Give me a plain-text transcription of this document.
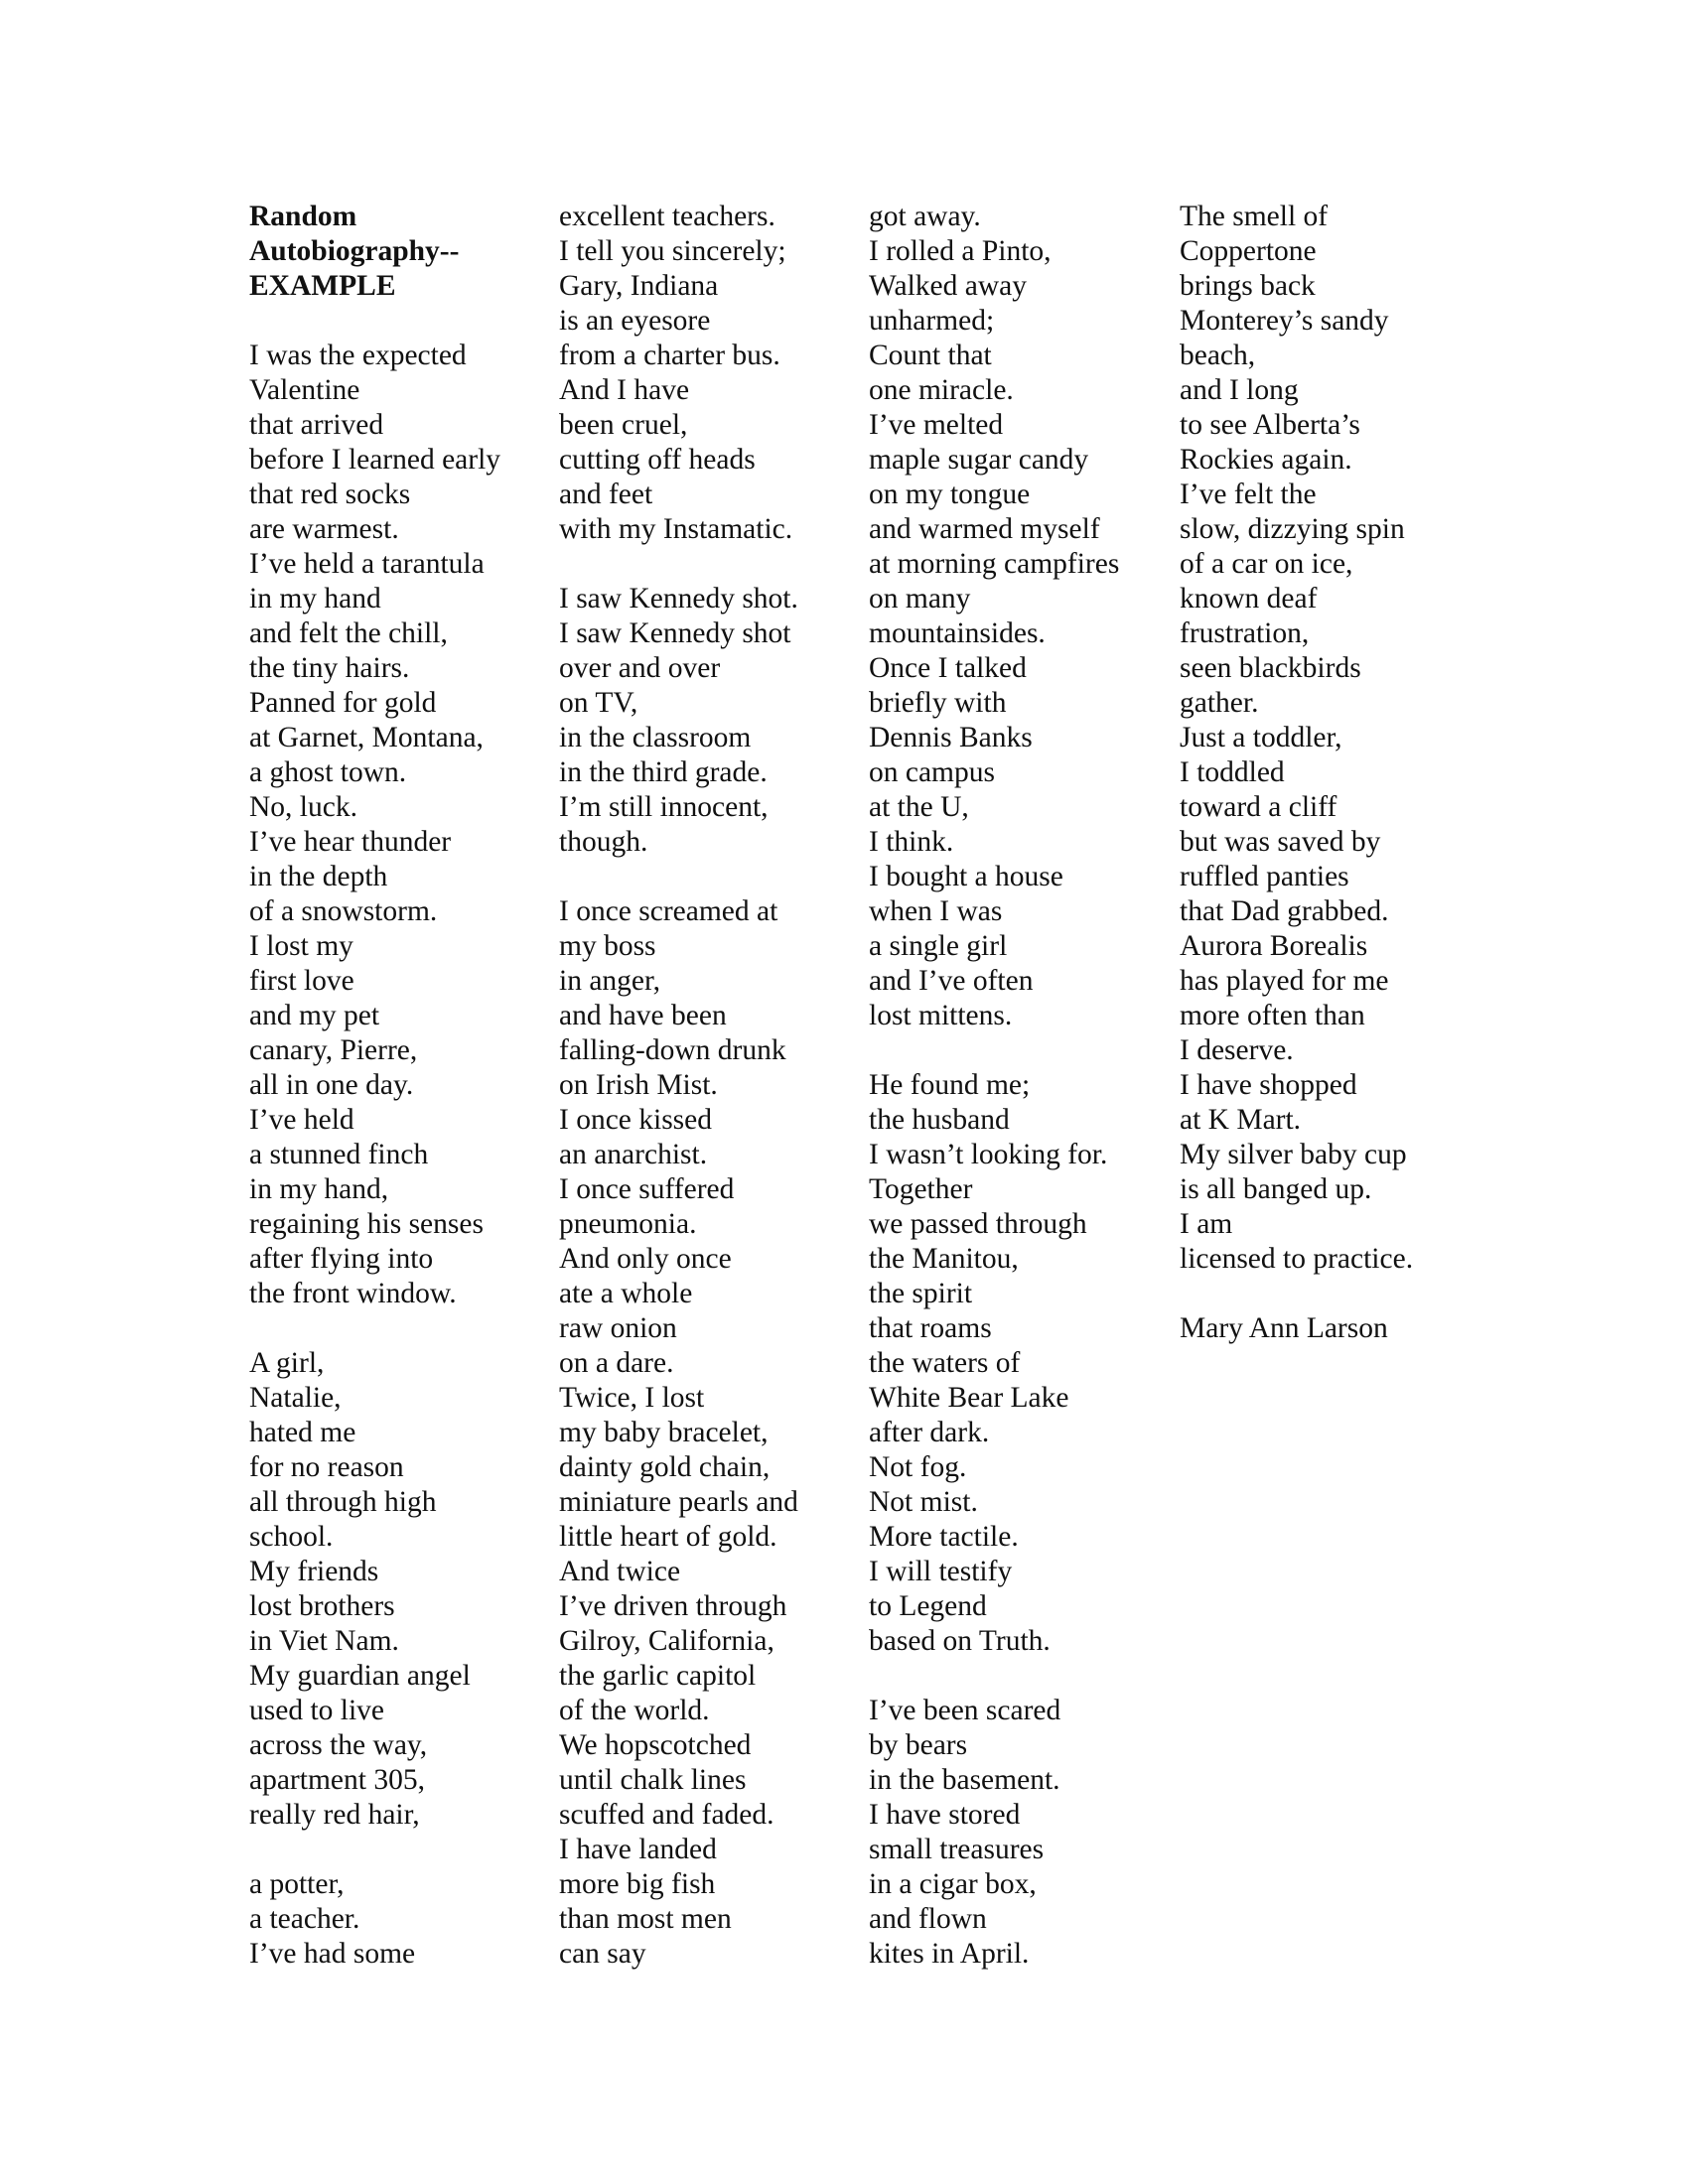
Random
Autobiography--
EXAMPLE
I was the expected
Valentine
that arrived
before I learned early
that red socks
are warmest.
I’ve held a tarantula
in my hand
and felt the chill,
the tiny hairs.
Panned for gold
at Garnet, Montana,
a ghost town.
No, luck.
I’ve hear thunder
in the depth
of a snowstorm.
I lost my
first love
and my pet
canary, Pierre,
all in one day.
I’ve held
a stunned finch
in my hand,
regaining his senses
after flying into
the front window.
A girl,
Natalie,
hated me
for no reason
all through high
school.
My friends
lost brothers
in Viet Nam.
My guardian angel
used to live
across the way,
apartment 305,
really red hair,
a potter,
a teacher.
I’ve had some
excellent teachers.
I tell you sincerely;
Gary, Indiana
is an eyesore
from a charter bus.
And I have
been cruel,
cutting off heads
and feet
with my Instamatic.
I saw Kennedy shot.
I saw Kennedy shot
over and over
on TV,
in the classroom
in the third grade.
I’m still innocent,
though.
I once screamed at
my boss
in anger,
and have been
falling-down drunk
on Irish Mist.
I once kissed
an anarchist.
I once suffered
pneumonia.
And only once
ate a whole
raw onion
on a dare.
Twice, I lost
my baby bracelet,
dainty gold chain,
miniature pearls and
little heart of gold.
And twice
I’ve driven through
Gilroy, California,
the garlic capitol
of the world.
We hopscotched
until chalk lines
scuffed and faded.
I have landed
more big fish
than most men
can say
got away.
I rolled a Pinto,
Walked away
unharmed;
Count that
one miracle.
I’ve melted
maple sugar candy
on my tongue
and warmed myself
at morning campfires
on many
mountainsides.
Once I talked
briefly with
Dennis Banks
on campus
at the U,
I think.
I bought a house
when I was
a single girl
and I’ve often
lost mittens.
He found me;
the husband
I wasn’t looking for.
Together
we passed through
the Manitou,
the spirit
that roams
the waters of
White Bear Lake
after dark.
Not fog.
Not mist.
More tactile.
I will testify
to Legend
based on Truth.
I’ve been scared
by bears
in the basement.
I have stored
small treasures
in a cigar box,
and flown
kites in April.
The smell of
Coppertone
brings back
Monterey’s sandy
beach,
and I long
to see Alberta’s
Rockies again.
I’ve felt the
slow, dizzying spin
of a car on ice,
known deaf
frustration,
seen blackbirds
gather.
Just a toddler,
I toddled
toward a cliff
but was saved by
ruffled panties
that Dad grabbed.
Aurora Borealis
has played for me
more often than
I deserve.
I have shopped
at K Mart.
My silver baby cup
is all banged up.
I am
licensed to practice.
Mary Ann Larson
